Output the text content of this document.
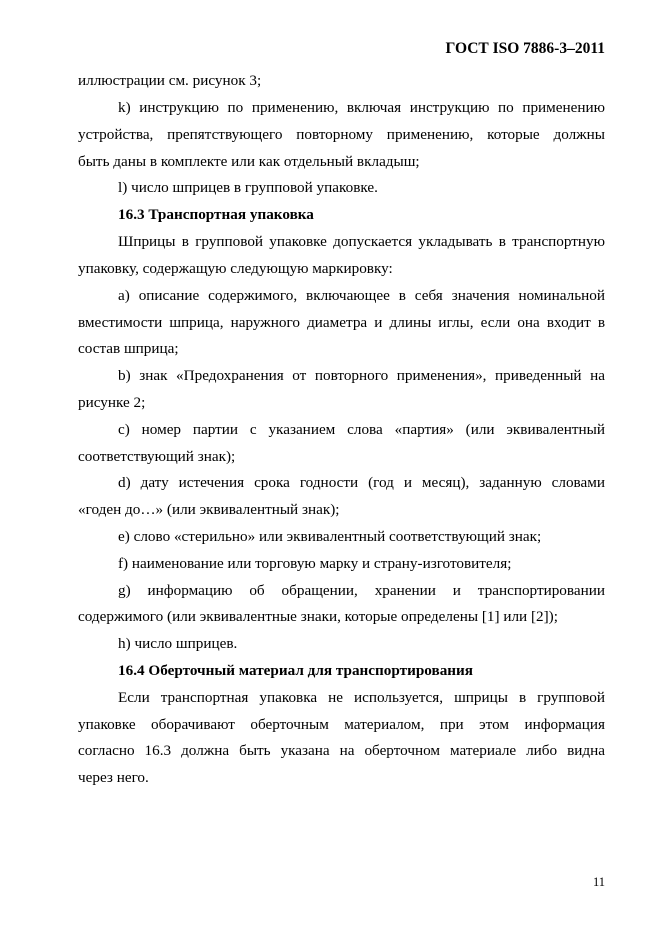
ГОСТ ISO 7886-3–2011
иллюстрации см. рисунок 3;
k) инструкцию по применению, включая инструкцию по применению
устройства, препятствующего повторному применению, которые должны
быть даны в комплекте или как отдельный вкладыш;
l) число шприцев в групповой упаковке.
16.3 Транспортная упаковка
Шприцы в групповой упаковке допускается укладывать в транспортную
упаковку, содержащую следующую маркировку:
а) описание содержимого, включающее в себя значения номинальной
вместимости шприца, наружного диаметра и длины иглы, если она входит в
состав шприца;
b) знак «Предохранения от повторного применения», приведенный на
рисунке 2;
с) номер партии с указанием слова «партия» (или эквивалентный
соответствующий знак);
d) дату истечения срока годности (год и месяц), заданную словами
«годен до…» (или эквивалентный знак);
е) слово «стерильно» или эквивалентный соответствующий знак;
f) наименование или торговую марку и страну-изготовителя;
g) информацию об обращении, хранении и транспортировании
содержимого (или эквивалентные знаки, которые определены [1] или [2]);
h) число шприцев.
16.4 Оберточный материал для транспортирования
Если транспортная упаковка не используется, шприцы в групповой
упаковке оборачивают оберточным материалом, при этом информация
согласно 16.3 должна быть указана на оберточном материале либо видна
через него.
11
